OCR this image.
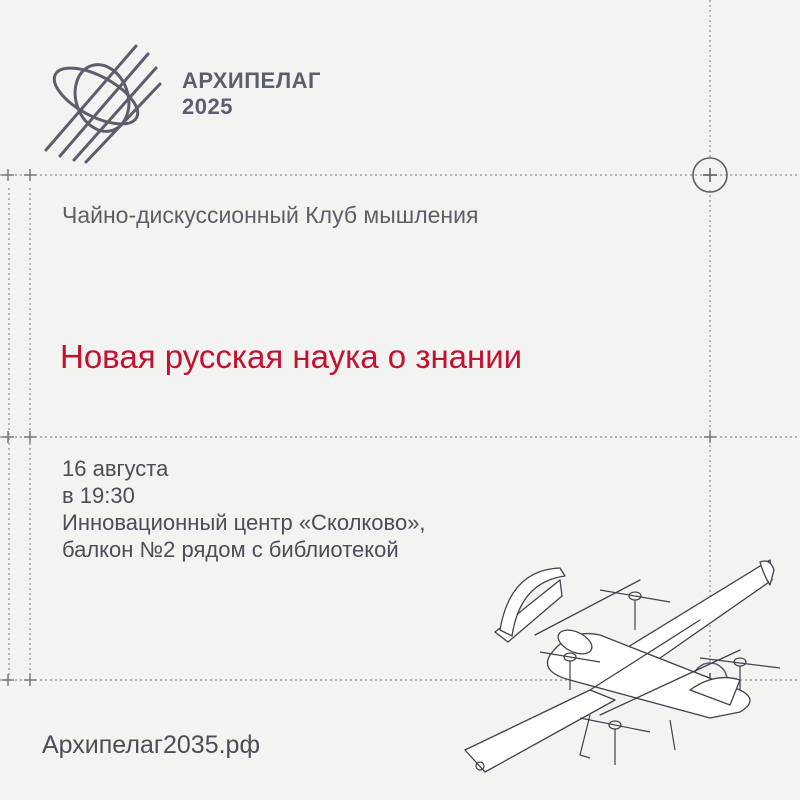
АРХИПЕЛАГ
2025
Чайно-дискуссионный Клуб мышления
Новая русская наука о знании
16 августа
в 19:30
Инновационный центр «Сколково»,
балкон №2 рядом с библиотекой
Архипелаг2035.рф
